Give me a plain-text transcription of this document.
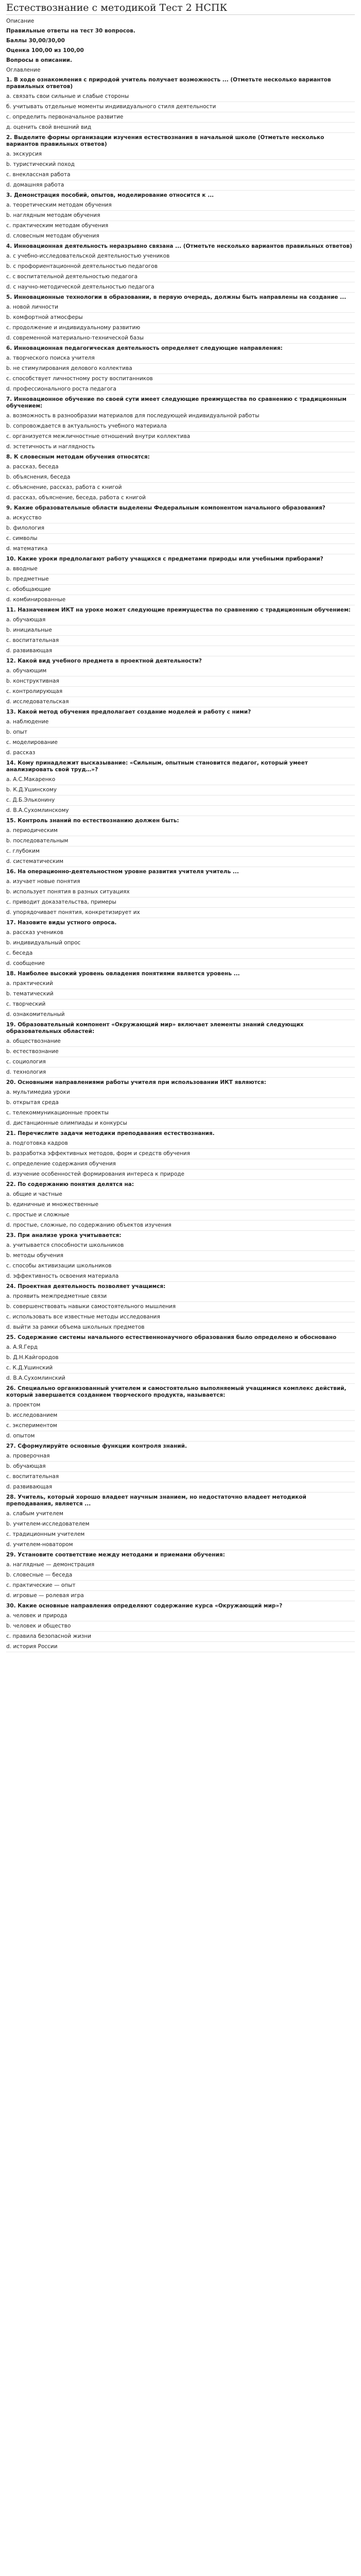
Естествознание с методикой Тест 2 НСПК
Описание
Правильные ответы на тест 30 вопросов.
Баллы 30,00/30,00
Оценка 100,00 из 100,00
Вопросы в описании.
Оглавление
1. В ходе ознакомления с природой учитель получает возможность ... (Отметьте несколько вариантов правильных ответов)
а. связать свои сильные и слабые стороны
б. учитывать отдельные моменты индивидуального стиля деятельности
с. определить первоначальное развитие
д. оценить свой внешний вид
2. Выделите формы организации изучения естествознания в начальной школе (Отметьте несколько вариантов правильных ответов)
а. экскурсия
b. туристический поход
с. внеклассная работа
d. домашняя работа
3. Демонстрация пособий, опытов, моделирование относится к ...
а. теоретическим методам обучения
b. наглядным методам обучения
с. практическим методам обучения
d. словесным методам обучения
4. Инновационная деятельность неразрывно связана ... (Отметьте несколько вариантов правильных ответов)
а. с учебно-исследовательской деятельностью учеников
b. с профориентационной деятельностью педагогов
с. с воспитательной деятельностью педагога
d. с научно-методической деятельностью педагога
5. Инновационные технологии в образовании, в первую очередь, должны быть направлены на создание ...
а. новой личности
b. комфортной атмосферы
с. продолжение и индивидуальному развитию
d. современной материально-технической базы
6. Инновационная педагогическая деятельность определяет следующие направления:
а. творческого поиска учителя
b. не стимулирования делового коллектива
с. способствует личностному росту воспитанников
d. профессионального роста педагога
7. Инновационное обучение по своей сути имеет следующие преимущества по сравнению с традиционным обучением:
а. возможность в разнообразии материалов для последующей индивидуальной работы
b. сопровождается в актуальность учебного материала
с. организуется межличностные отношений внутри коллектива
d. эстетичность и наглядность
8. К словесным методам обучения относятся:
а. рассказ, беседа
b. объяснения, беседа
с. объяснение, рассказ, работа с книгой
d. рассказ, объяснение, беседа, работа с книгой
9. Какие образовательные области выделены Федеральным компонентом начального образования?
а. искусство
b. филология
с. символы
d. математика
10. Какие уроки предполагают работу учащихся с предметами природы или учебными приборами?
а. вводные
b. предметные
с. обобщающие
d. комбинированные
11. Назначением ИКТ на уроке может следующие преимущества по сравнению с традиционным обучением:
а. обучающая
b. инициальные
с. воспитательная
d. развивающая
12. Какой вид учебного предмета в проектной деятельности?
а. обучающим
b. конструктивная
с. контролирующая
d. исследовательская
13. Какой метод обучения предполагает создание моделей и работу с ними?
а. наблюдение
b. опыт
с. моделирование
d. рассказ
14. Кому принадлежит высказывание: «Сильным, опытным становится педагог, который умеет анализировать свой труд…»?
а. А.С.Макаренко
b. К.Д.Ушинскому
с. Д.Б.Эльконину
d. В.А.Сухомлинскому
15. Контроль знаний по естествознанию должен быть:
а. периодическим
b. последовательным
с. глубоким
d. систематическим
16. На операционно-деятельностном уровне развития учителя учитель ...
а. изучает новые понятия
b. использует понятия в разных ситуациях
с. приводит доказательства, примеры
d. упорядочивает понятия, конкретизирует их
17. Назовите виды устного опроса.
а. рассказ учеников
b. индивидуальный опрос
с. беседа
d. сообщение
18. Наиболее высокий уровень овладения понятиями является уровень ...
а. практический
b. тематический
с. творческий
d. ознакомительный
19. Образовательный компонент «Окружающий мир» включает элементы знаний следующих образовательных областей:
а. обществознание
b. естествознание
с. социология
d. технология
20. Основными направлениями работы учителя при использовании ИКТ являются:
а. мультимедиа уроки
b. открытая среда
с. телекоммуникационные проекты
d. дистанционные олимпиады и конкурсы
21. Перечислите задачи методики преподавания естествознания.
а. подготовка кадров
b. разработка эффективных методов, форм и средств обучения
с. определение содержания обучения
d. изучение особенностей формирования интереса к природе
22. По содержанию понятия делятся на:
а. общие и частные
b. единичные и множественные
с. простые и сложные
d. простые, сложные, по содержанию объектов изучения
23. При анализе урока учитывается:
а. учитывается способности школьников
b. методы обучения
с. способы активизации школьников
d. эффективность освоения материала
24. Проектная деятельность позволяет учащимся:
а. проявить межпредметные связи
b. совершенствовать навыки самостоятельного мышления
с. использовать все известные методы исследования
d. выйти за рамки объема школьных предметов
25. Содержание системы начального естественнонаучного образования было определено и обосновано
а. А.Я.Герд
b. Д.Н.Кайгородов
с. К.Д.Ушинский
d. В.А.Сухомлинский
26. Специально организованный учителем и самостоятельно выполняемый учащимися комплекс действий, который завершается созданием творческого продукта, называется:
а. проектом
b. исследованием
с. экспериментом
d. опытом
27. Сформулируйте основные функции контроля знаний.
а. проверочная
b. обучающая
с. воспитательная
d. развивающая
28. Учитель, который хорошо владеет научным знанием, но недостаточно владеет методикой преподавания, является ...
а. слабым учителем
b. учителем-исследователем
с. традиционным учителем
d. учителем-новатором
29. Установите соответствие между методами и приемами обучения:
а. наглядные — демонстрация
b. словесные — беседа
с. практические — опыт
d. игровые — ролевая игра
30. Какие основные направления определяют содержание курса «Окружающий мир»?
а. человек и природа
b. человек и общество
с. правила безопасной жизни
d. история России
